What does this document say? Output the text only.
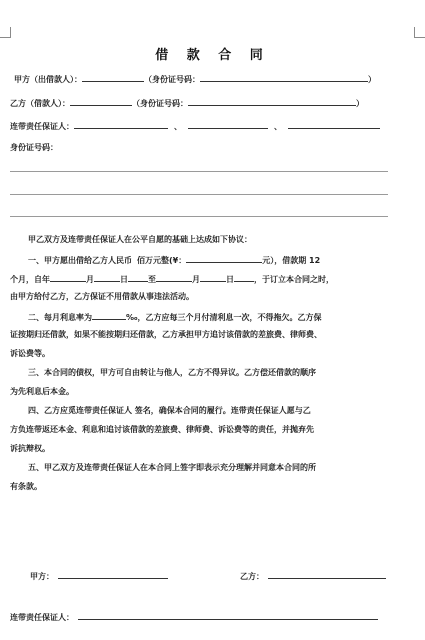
借 款 合 同
甲方（出借款人）：	（身份证号码：	）
乙方（借款人）：	（身份证号码：	）
连带责任保证人：	、	、
身份证号码：
甲乙双方及连带责任保证人在公平自愿的基础上达成如下协议：
一、甲方愿出借给乙方人民币 佰万元整(¥：	元），借款期 12
个月，自年	月	日	至	月	日	，于订立本合同之时，
由甲方给付乙方，乙方保证不用借款从事违法活动。
二、每月利息率为	‰，乙方应每三个月付清利息一次，不得拖欠。乙方保
证按期归还借款，如果不能按期归还借款，乙方承担甲方追讨该借款的差旅费、律师费、
诉讼费等。
三、本合同的债权，甲方可自由转让与他人，乙方不得异议。乙方偿还借款的顺序
为先利息后本金。
四、乙方应觅连带责任保证人 签名，确保本合同的履行。连带责任保证人愿与乙
方负连带返还本金、利息和追讨该借款的差旅费、律师费、诉讼费等的责任，并抛弃先
诉抗辩权。
五、甲乙双方及连带责任保证人在本合同上签字即表示充分理解并同意本合同的所
有条款。
甲方：	乙方：
连带责任保证人：
